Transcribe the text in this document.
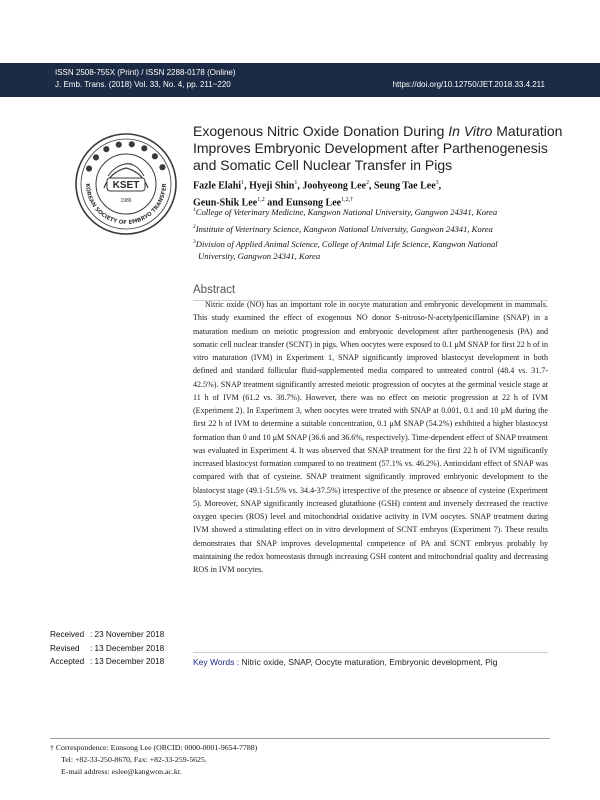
ISSN 2508-755X (Print) / ISSN 2288-0178 (Online)
J. Emb. Trans. (2018) Vol. 33, No. 4, pp. 211~220	https://doi.org/10.12750/JET.2018.33.4.211
● ● ● ● ● ● ● ●
KOREAN SOCIETY OF EMBRYO TRANSFER
KSET
1986
Exogenous Nitric Oxide Donation During In Vitro Maturation Improves Embryonic Development after Parthenogenesis and Somatic Cell Nuclear Transfer in Pigs
Fazle Elahi$^1$, Hyeji Shin$^1$, Joohyeong Lee$^2$, Seung Tae Lee$^3$,
Geun-Shik Lee$^{1,2}$ and Eunsong Lee$^{1,2,\dagger}$
$^1$College of Veterinary Medicine, Kangwon National University, Gangwon 24341, Korea
$^2$Institute of Veterinary Science, Kangwon National University, Gangwon 24341, Korea
$^3$Division of Applied Animal Science, College of Animal Life Science, Kangwon National
University, Gangwon 24341, Korea
Abstract
Nitric oxide (NO) has an important role in oocyte maturation and embryonic development in mammals. This study examined the effect of exogenous NO donor S-nitroso-N-acetylpenicillamine (SNAP) in a maturation medium on meiotic progression and embryonic development after parthenogenesis (PA) and somatic cell nuclear transfer (SCNT) in pigs. When oocytes were exposed to 0.1 μM SNAP for first 22 h of in vitro maturation (IVM) in Experiment 1, SNAP significantly improved blastocyst development in both defined and standard follicular fluid-supplemented media compared to untreated control (48.4 vs. 31.7-42.5%). SNAP treatment significantly arrested meiotic progression of oocytes at the germinal vesicle stage at 11 h of IVM (61.2 vs. 38.7%). However, there was no effect on meiotic progression at 22 h of IVM (Experiment 2). In Experiment 3, when oocytes were treated with SNAP at 0.001, 0.1 and 10 μM during the first 22 h of IVM to determine a suitable concentration, 0.1 μM SNAP (54.2%) exhibited a higher blastocyst formation than 0 and 10 μM SNAP (36.6 and 36.6%, respectively). Time-dependent effect of SNAP treatment was evaluated in Experiment 4. It was observed that SNAP treatment for the first 22 h of IVM significantly increased blastocyst formation compared to no treatment (57.1% vs. 46.2%). Antioxidant effect of SNAP was compared with that of cysteine. SNAP treatment significantly improved embryonic development to the blastocyst stage (49.1-51.5% vs. 34.4-37.5%) irrespective of the presence or absence of cysteine (Experiment 5). Moreover, SNAP significantly increased glutathione (GSH) content and inversely decreased the reactive oxygen species (ROS) level and mitochondrial oxidative activity in IVM oocytes. SNAP treatment during IVM showed a stimulating effect on in vitro development of SCNT embryos (Experiment 7). These results demonstrates that SNAP improves developmental competence of PA and SCNT embryos probably by maintaining the redox homeostasis through increasing GSH content and mitochondrial quality and decreasing ROS in IVM oocytes.
Received : 23 November 2018
Revised : 13 December 2018
Accepted : 13 December 2018	Key Words : Nitric oxide, SNAP, Oocyte maturation, Embryonic development, Pig
† Correspondence: Eunsong Lee (ORCID: 0000-0001-9654-7788)
Tel: +82-33-250-8670, Fax: +82-33-259-5625.
E-mail address: eslee@kangwon.ac.kr.
